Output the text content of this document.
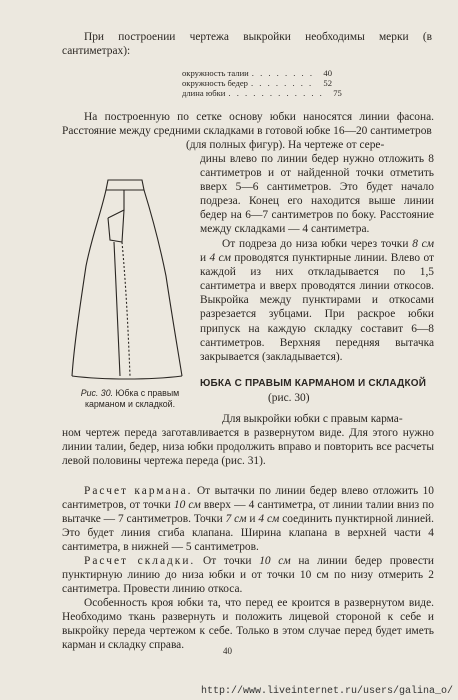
При построении чертежа выкройки необходимы мерки (в сантиметрах):

окружность талии . . . . . . . .	40
окружность бедер . . . . . . . .	52
длина юбки . . . . . . . . . . . .	75

На построенную по сетке основу юбки наносятся линии фасона. Расстояние между средними складками в готовой юбке 16—20 сантиметров

(для полных фигур). На чертеже от сере-

дины влево по линии бедер нужно отложить 8 сантиметров и от найденной точки отметить вверх 5—6 сантиметров. Это будет начало подреза. Конец его находится выше линии бедер на 6—7 сантиметров по боку. Расстояние между складками — 4 сантиметра.

От подреза до низа юбки через точки 8 см и 4 см проводятся пунктирные линии. Влево от каждой из них откладывается по 1,5 сантиметра и вверх проводятся линии откосов. Выкройка между пунктирами и откосами разрезается зубцами. При раскрое юбки припуск на каждую складку составит 6—8 сантиметров. Верхняя передняя вытачка закрывается (закладывается).

Рис. 30. Юбка с правым карманом и складкой.
ЮБКА С ПРАВЫМ КАРМАНОМ И СКЛАДКОЙ
(рис. 30)

Для выкройки юбки с правым карма-

ном чертеж переда заготавливается в развернутом виде. Для этого нужно линии талии, бедер, низа юбки продолжить вправо и повторить все расчеты левой половины чертежа переда (рис. 31).

Расчет кармана. От вытачки по линии бедер влево отложить 10 сантиметров, от точки 10 см вверх — 4 сантиметра, от линии талии вниз по вытачке — 7 сантиметров. Точки 7 см и 4 см соединить пунктирной линией. Это будет линия сгиба клапана. Ширина клапана в верхней части 4 сантиметра, в нижней — 5 сантиметров.

Расчет складки. От точки 10 см на линии бедер провести пунктирную линию до низа юбки и от точки 10 см по низу отмерить 2 сантиметра. Провести линию откоса.

Особенность кроя юбки та, что перед ее кроится в развернутом виде. Необходимо ткань развернуть и положить лицевой стороной к себе и выкройку переда чертежом к себе. Только в этом случае перед будет иметь карман и складку справа.	40
http://www.liveinternet.ru/users/galina_o/
